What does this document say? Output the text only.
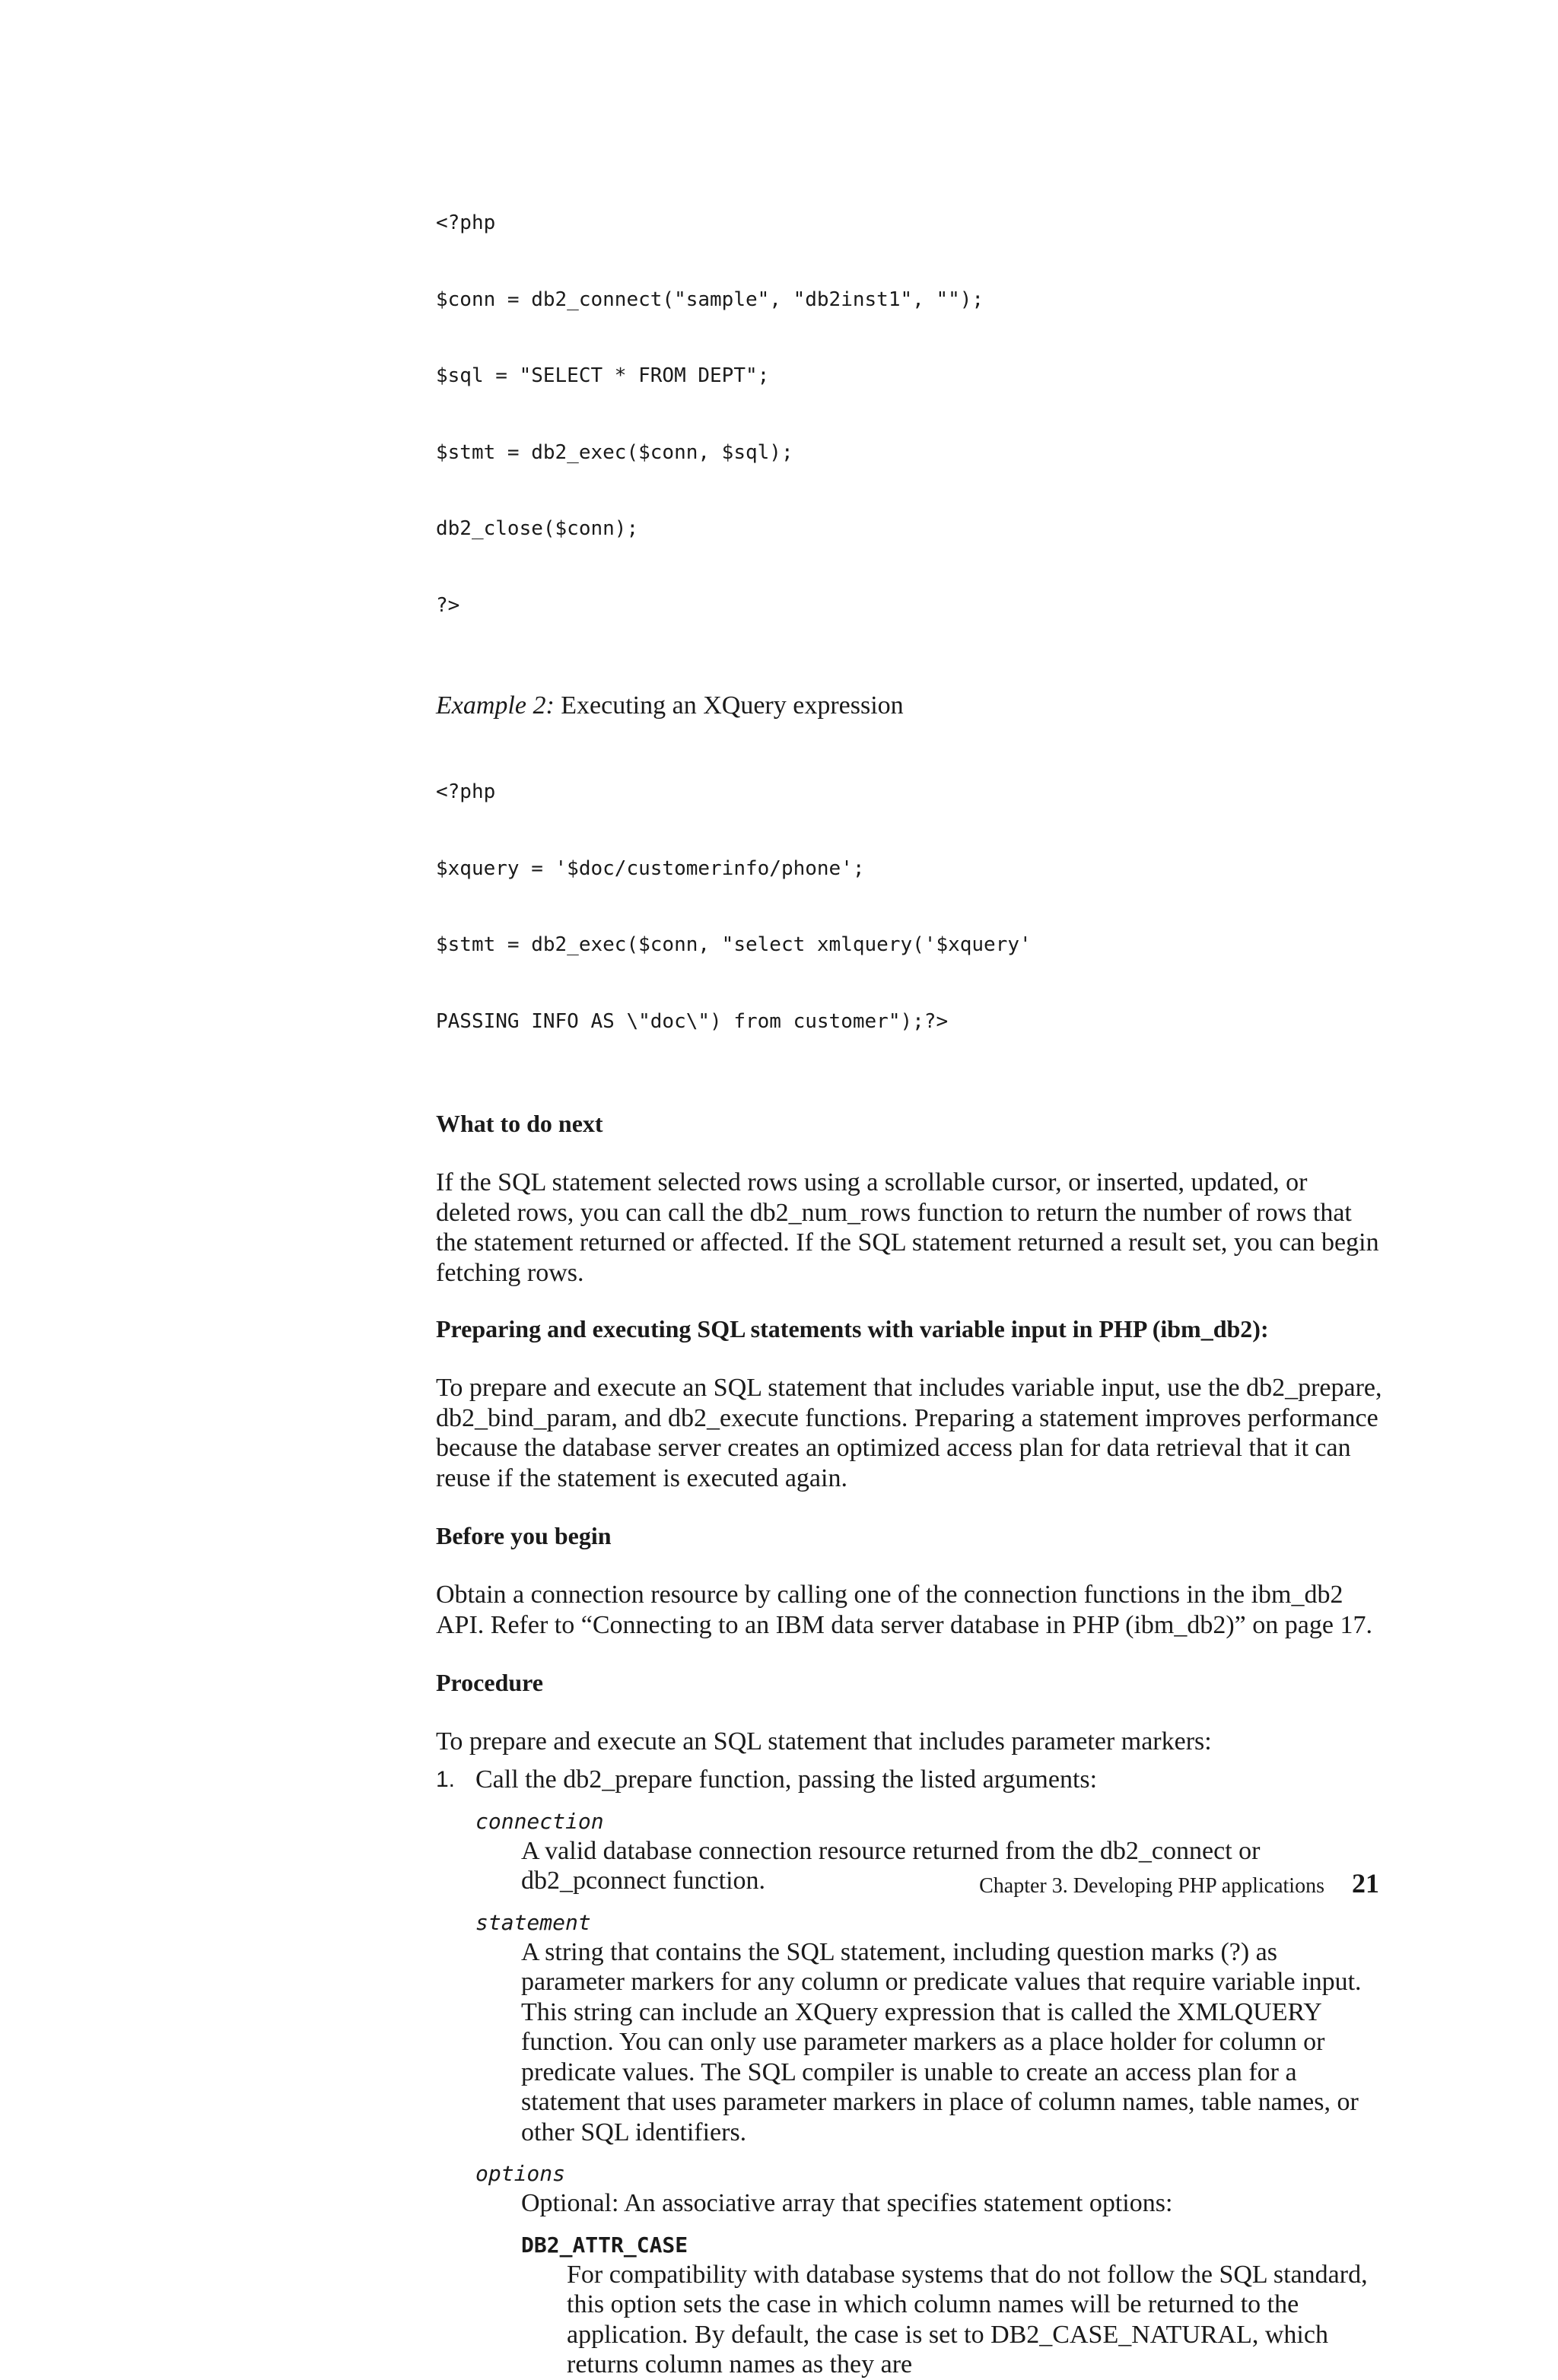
<?php

$conn = db2_connect("sample", "db2inst1", "");

$sql = "SELECT * FROM DEPT";

$stmt = db2_exec($conn, $sql);

db2_close($conn);

?>

Example 2: Executing an XQuery expression

<?php

$xquery = '$doc/customerinfo/phone';

$stmt = db2_exec($conn, "select xmlquery('$xquery'

PASSING INFO AS \"doc\") from customer");?>

What to do next

If the SQL statement selected rows using a scrollable cursor, or inserted, updated, or deleted rows, you can call the db2_num_rows function to return the number of rows that the statement returned or affected. If the SQL statement returned a result set, you can begin fetching rows.

Preparing and executing SQL statements with variable input in PHP (ibm_db2):

To prepare and execute an SQL statement that includes variable input, use the db2_prepare, db2_bind_param, and db2_execute functions. Preparing a statement improves performance because the database server creates an optimized access plan for data retrieval that it can reuse if the statement is executed again.

Before you begin

Obtain a connection resource by calling one of the connection functions in the ibm_db2 API. Refer to “Connecting to an IBM data server database in PHP (ibm_db2)” on page 17.

Procedure

To prepare and execute an SQL statement that includes parameter markers:

1. Call the db2_prepare function, passing the listed arguments:
connection

A valid database connection resource returned from the db2_connect or db2_pconnect function.

statement

A string that contains the SQL statement, including question marks (?) as parameter markers for any column or predicate values that require variable input. This string can include an XQuery expression that is called the XMLQUERY function. You can only use parameter markers as a place holder for column or predicate values. The SQL compiler is unable to create an access plan for a statement that uses parameter markers in place of column names, table names, or other SQL identifiers.

options

Optional: An associative array that specifies statement options:

DB2_ATTR_CASE

For compatibility with database systems that do not follow the SQL standard, this option sets the case in which column names will be returned to the application. By default, the case is set to DB2_CASE_NATURAL, which returns column names as they are

Chapter 3. Developing PHP applications 21
